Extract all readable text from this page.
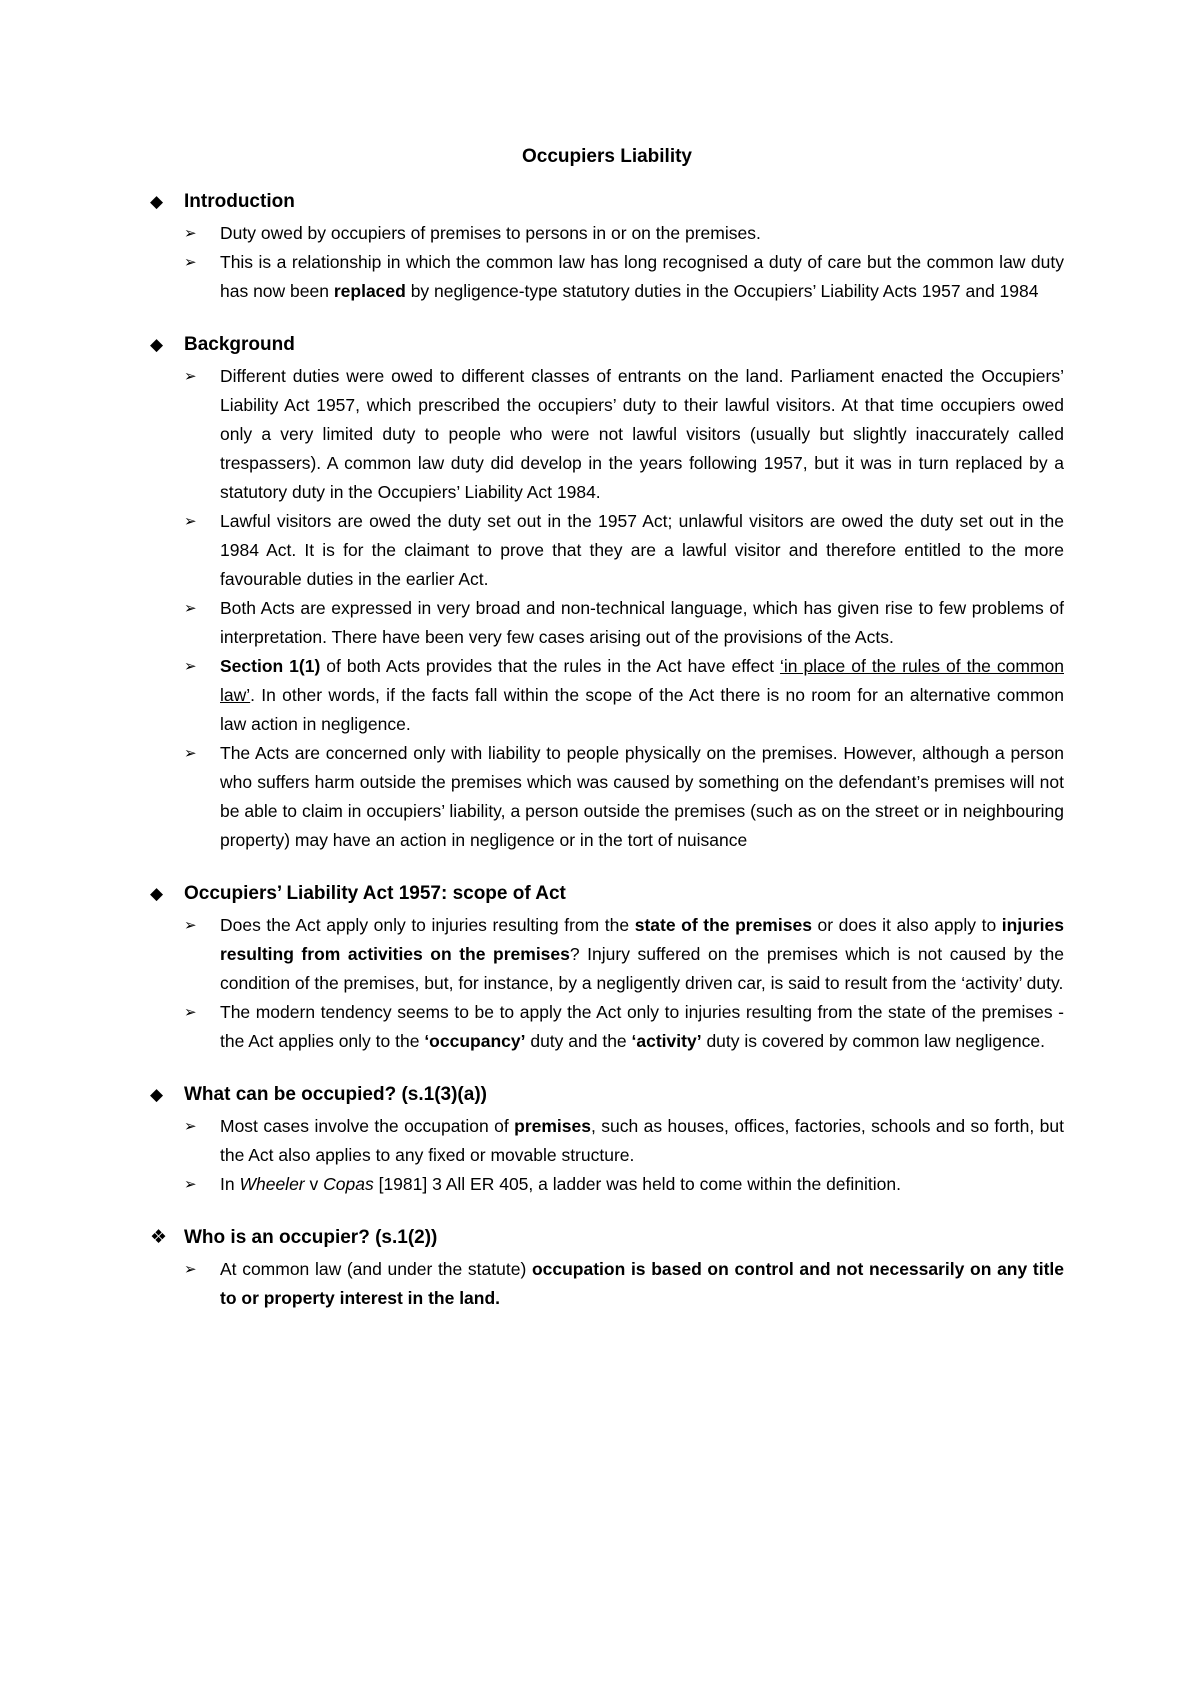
Occupiers Liability
◆	Introduction
➢	Duty owed by occupiers of premises to persons in or on the premises.
➢	This is a relationship in which the common law has long recognised a duty of care but the common law duty has now been replaced by negligence-type statutory duties in the Occupiers’ Liability Acts 1957 and 1984
◆	Background
➢	Different duties were owed to different classes of entrants on the land. Parliament enacted the Occupiers’ Liability Act 1957, which prescribed the occupiers’ duty to their lawful visitors. At that time occupiers owed only a very limited duty to people who were not lawful visitors (usually but slightly inaccurately called trespassers). A common law duty did develop in the years following 1957, but it was in turn replaced by a statutory duty in the Occupiers’ Liability Act 1984.
➢	Lawful visitors are owed the duty set out in the 1957 Act; unlawful visitors are owed the duty set out in the 1984 Act. It is for the claimant to prove that they are a lawful visitor and therefore entitled to the more favourable duties in the earlier Act.
➢	Both Acts are expressed in very broad and non-technical language, which has given rise to few problems of interpretation. There have been very few cases arising out of the provisions of the Acts.
➢	Section 1(1) of both Acts provides that the rules in the Act have effect ‘in place of the rules of the common law’. In other words, if the facts fall within the scope of the Act there is no room for an alternative common law action in negligence.
➢	The Acts are concerned only with liability to people physically on the premises. However, although a person who suffers harm outside the premises which was caused by something on the defendant’s premises will not be able to claim in occupiers’ liability, a person outside the premises (such as on the street or in neighbouring property) may have an action in negligence or in the tort of nuisance
◆	Occupiers’ Liability Act 1957: scope of Act
➢	Does the Act apply only to injuries resulting from the state of the premises or does it also apply to injuries resulting from activities on the premises? Injury suffered on the premises which is not caused by the condition of the premises, but, for instance, by a negligently driven car, is said to result from the ‘activity’ duty.
➢	The modern tendency seems to be to apply the Act only to injuries resulting from the state of the premises - the Act applies only to the ‘occupancy’ duty and the ‘activity’ duty is covered by common law negligence.
◆	What can be occupied? (s.1(3)(a))
➢	Most cases involve the occupation of premises, such as houses, offices, factories, schools and so forth, but the Act also applies to any fixed or movable structure.
➢	In Wheeler v Copas [1981] 3 All ER 405, a ladder was held to come within the definition.
❖ Who is an occupier? (s.1(2))
➢	At common law (and under the statute) occupation is based on control and not necessarily on any title to or property interest in the land.
